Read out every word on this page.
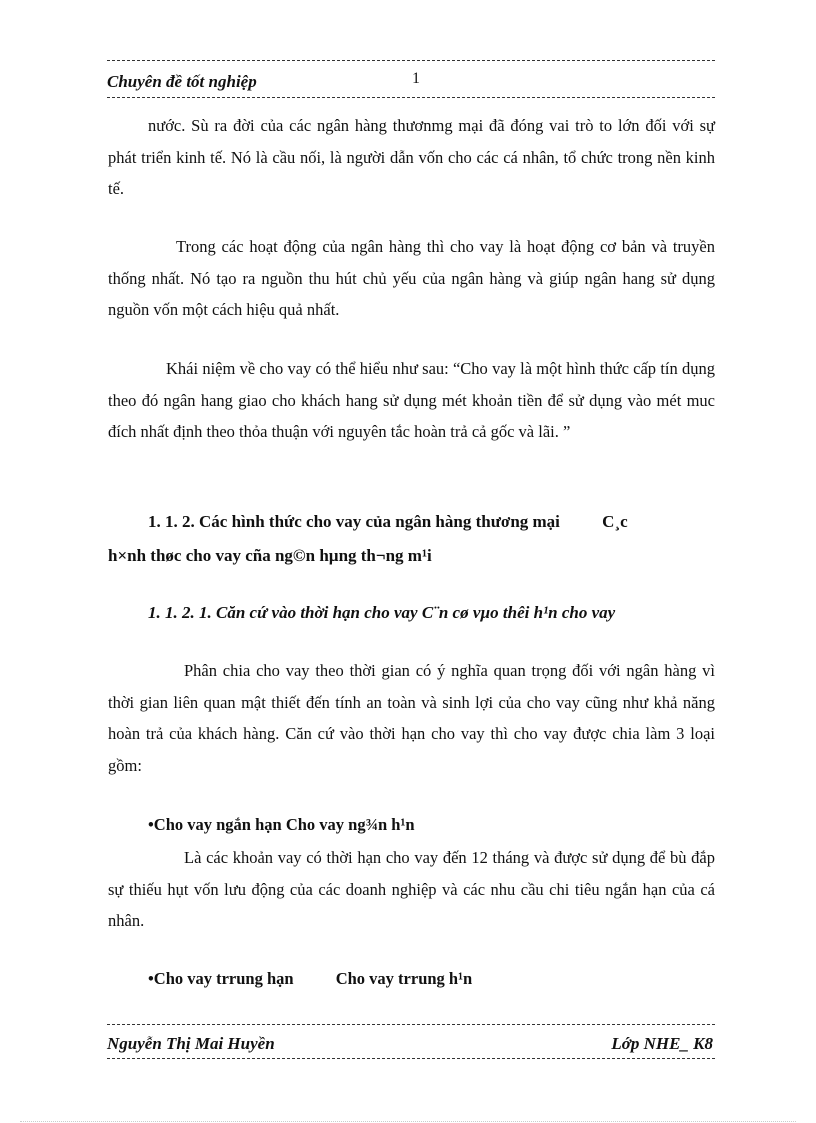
Chuyên đề tốt nghiệp	1

nước. Sù ra đời của các ngân hàng thươnmg mại đã đóng vai trò to lớn đối với sự phát triển kinh tế. Nó là cầu nối, là người dẫn vốn cho các cá nhân, tổ chức trong nền kinh tế.

Trong các hoạt động của ngân hàng thì cho vay là hoạt động cơ bản và truyền thống nhất. Nó tạo ra nguồn thu hút chủ yếu của ngân hàng và giúp ngân hang sử dụng nguồn vốn một cách hiệu quả nhất.

Khái niệm về cho vay có thể hiểu như sau: “Cho vay là một hình thức cấp tín dụng theo đó ngân hang giao cho khách hang sử dụng mét khoản tiền để sử dụng vào mét muc đích nhất định theo thỏa thuận với nguyên tắc hoàn trả cả gốc và lãi. ”

1. 1. 2. Các hình thức cho vay của ngân hàng thương mại C¸c
h×nh thøc cho vay cña ng©n hµng th¬ng m¹i
1. 1. 2. 1. Căn cứ vào thời hạn cho vay C¨n cø vµo thêi h¹n cho vay

Phân chia cho vay theo thời gian có ý nghĩa quan trọng đối với ngân hàng vì thời gian liên quan mật thiết đến tính an toàn và sinh lợi của cho vay cũng như khả năng hoàn trả của khách hàng. Căn cứ vào thời hạn cho vay thì cho vay được chia làm 3 loại gồm:

•Cho vay ngắn hạn Cho vay ng¾n h¹n

Là các khoản vay có thời hạn cho vay đến 12 tháng và được sử dụng để bù đắp sự thiếu hụt vốn lưu động của các doanh nghiệp và các nhu cầu chi tiêu ngắn hạn của cá nhân.

•Cho vay trrung hạn	Cho vay trrung h¹n
Nguyễn Thị Mai Huyền	Lớp NHE_ K8
